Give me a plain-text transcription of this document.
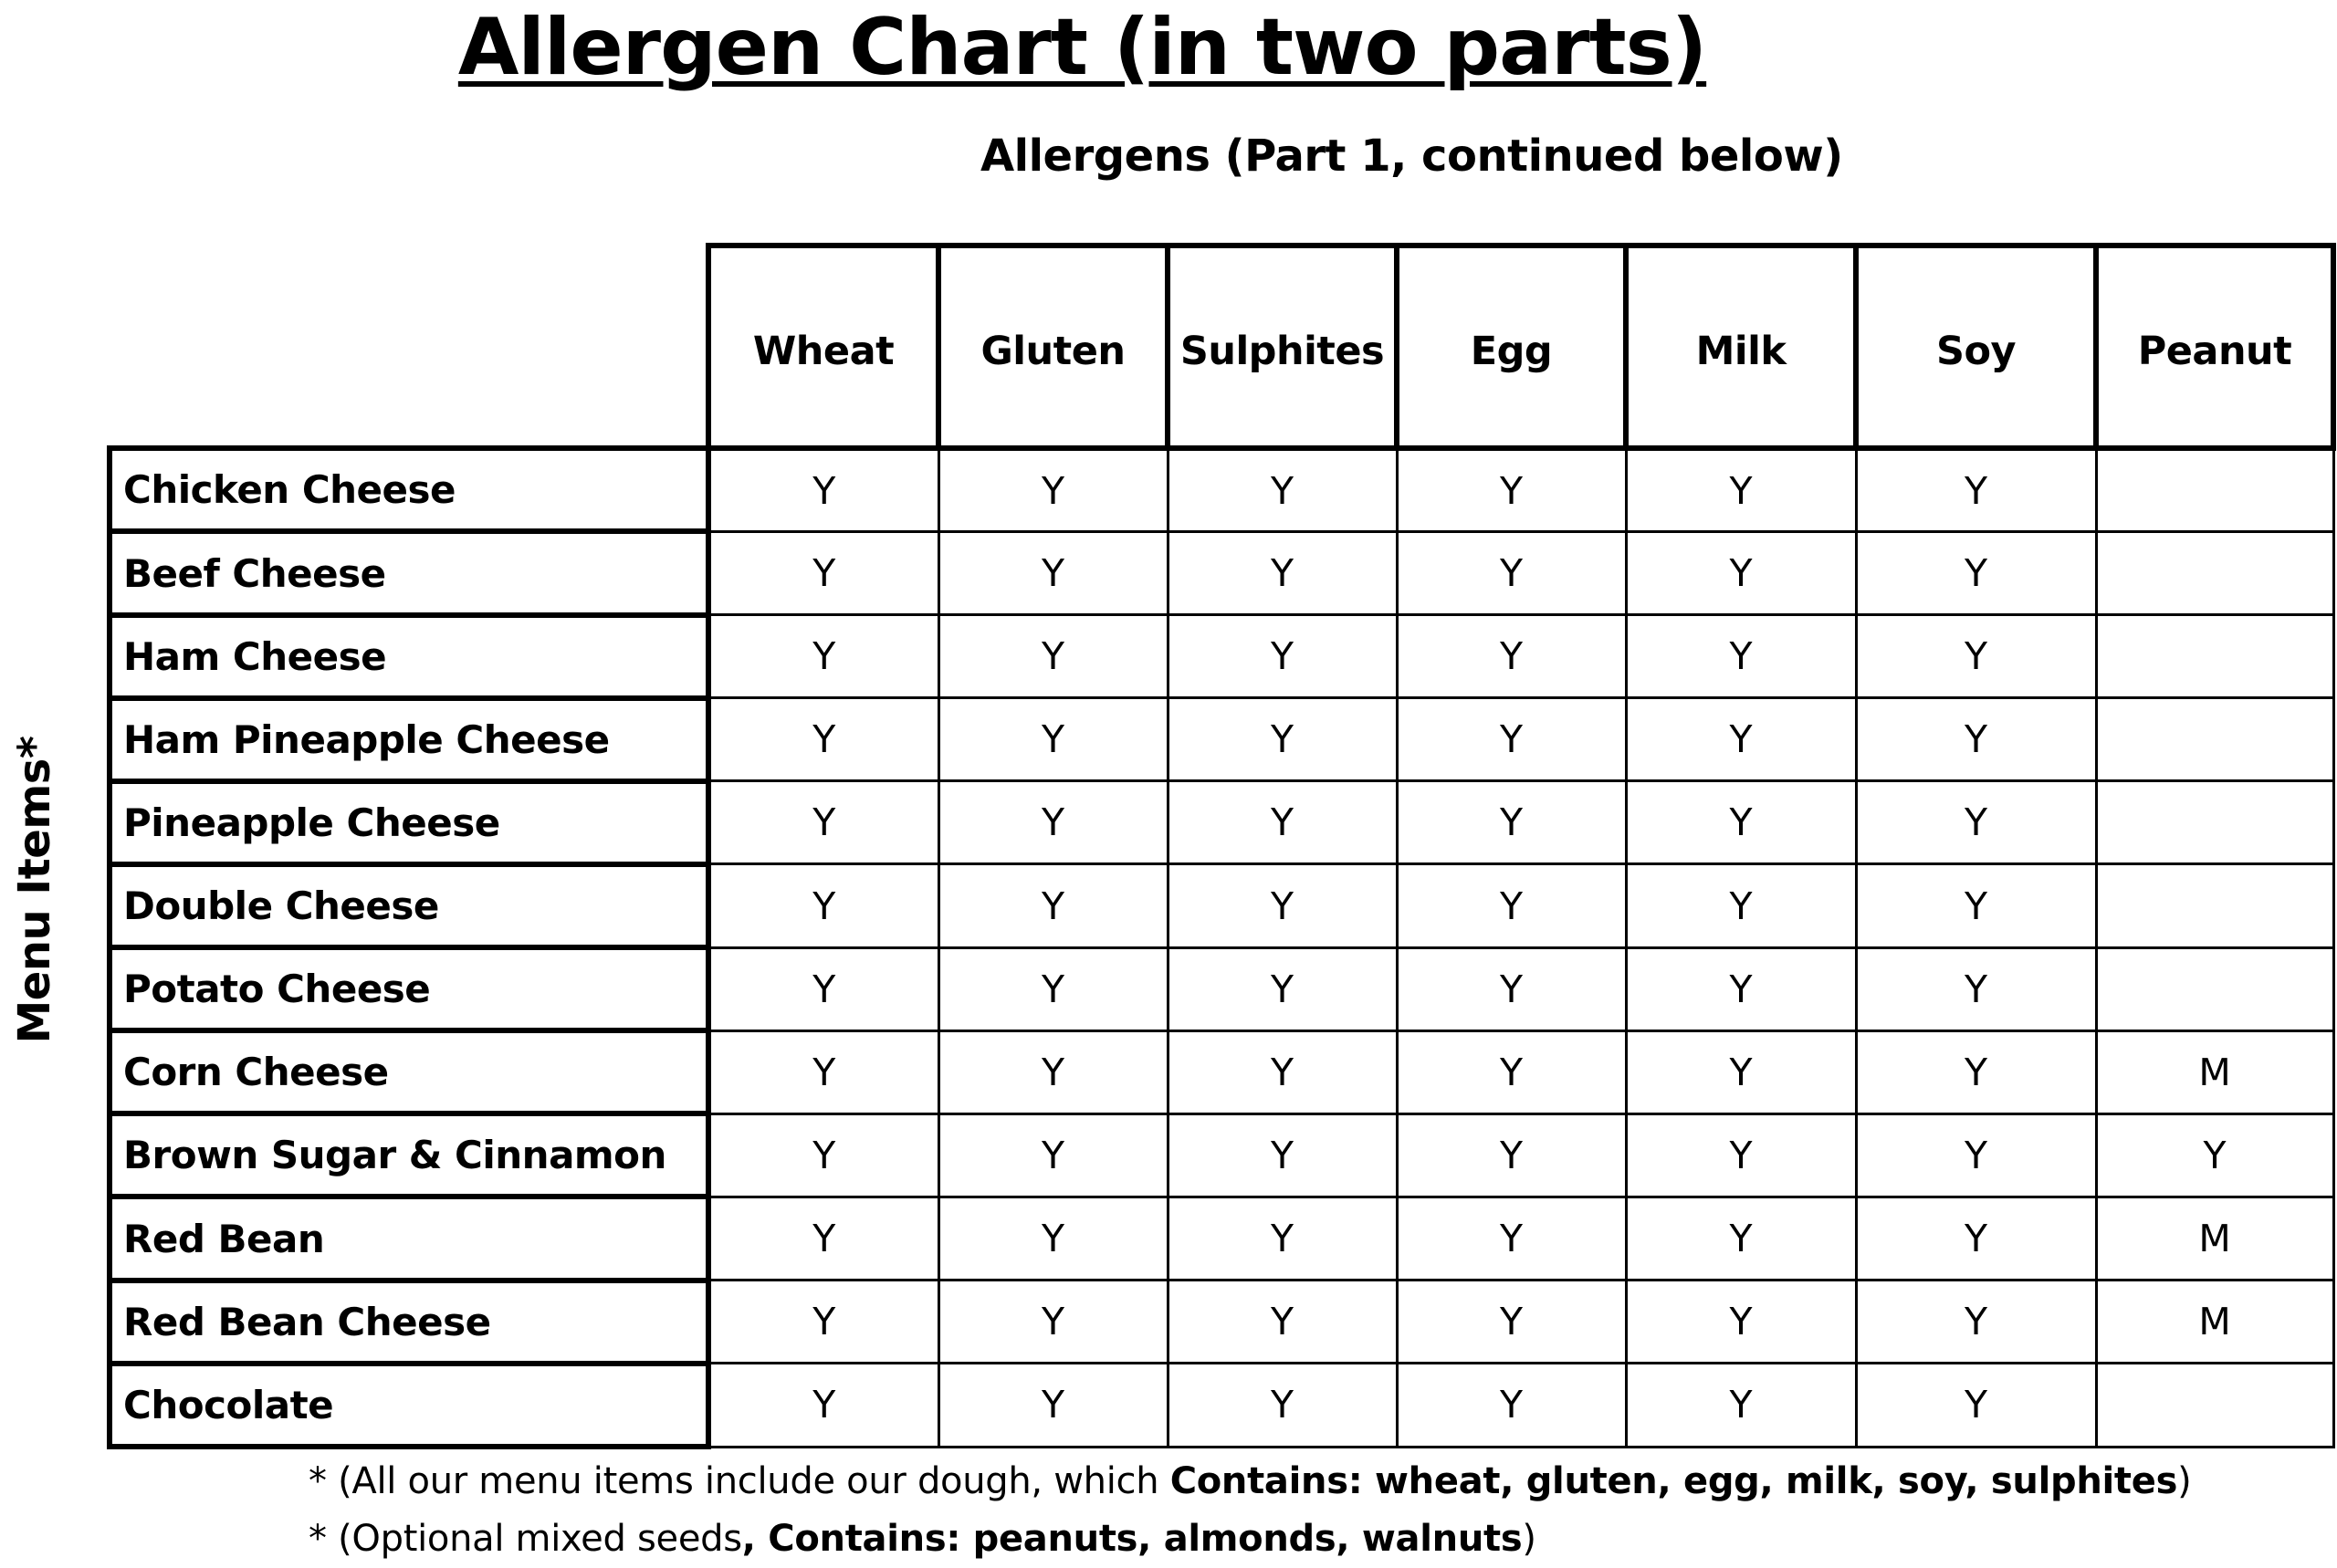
Allergen Chart (in two parts)
Allergens (Part 1, continued below)
Menu Items*
	Wheat	Gluten	Sulphites	Egg	Milk	Soy	Peanut
Chicken Cheese	Y	Y	Y	Y	Y	Y	
Beef Cheese	Y	Y	Y	Y	Y	Y	
Ham Cheese	Y	Y	Y	Y	Y	Y	
Ham Pineapple Cheese	Y	Y	Y	Y	Y	Y	
Pineapple Cheese	Y	Y	Y	Y	Y	Y	
Double Cheese	Y	Y	Y	Y	Y	Y	
Potato Cheese	Y	Y	Y	Y	Y	Y	
Corn Cheese	Y	Y	Y	Y	Y	Y	M
Brown Sugar & Cinnamon	Y	Y	Y	Y	Y	Y	Y
Red Bean	Y	Y	Y	Y	Y	Y	M
Red Bean Cheese	Y	Y	Y	Y	Y	Y	M
Chocolate	Y	Y	Y	Y	Y	Y	
* (All our menu items include our dough, which Contains: wheat, gluten, egg, milk, soy, sulphites)
* (Optional mixed seeds, Contains: peanuts, almonds, walnuts)
